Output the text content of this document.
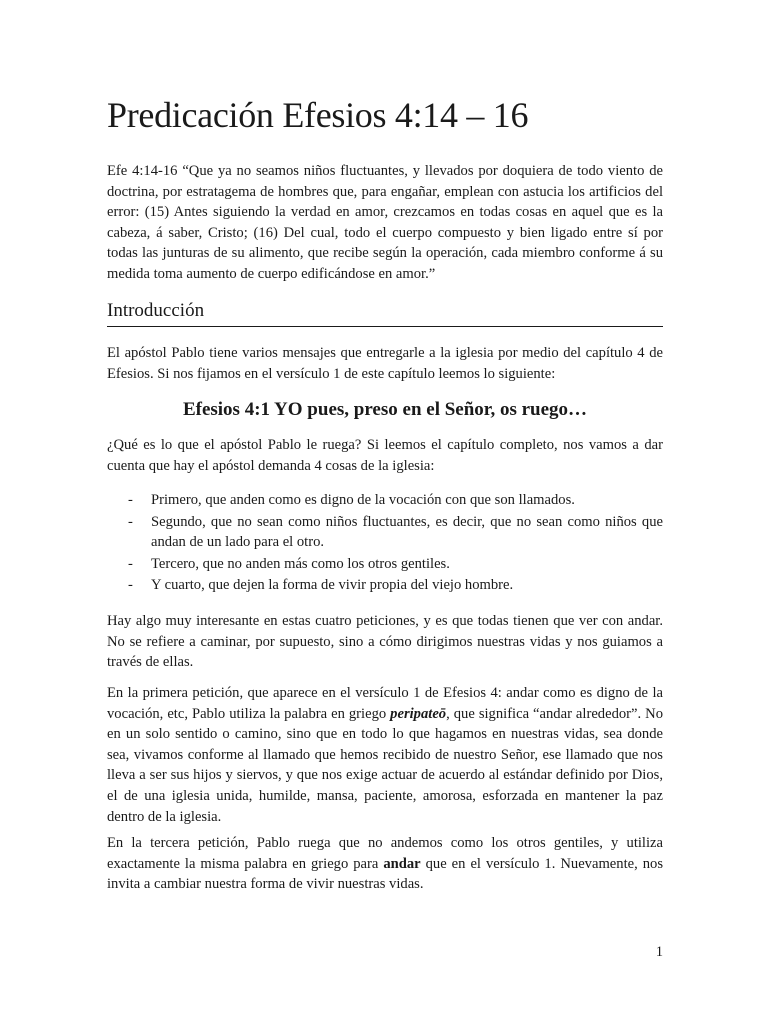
Predicación Efesios 4:14 – 16

Efe 4:14-16 “Que ya no seamos niños fluctuantes, y llevados por doquiera de todo viento de doctrina, por estratagema de hombres que, para engañar, emplean con astucia los artificios del error: (15) Antes siguiendo la verdad en amor, crezcamos en todas cosas en aquel que es la cabeza, á saber, Cristo; (16) Del cual, todo el cuerpo compuesto y bien ligado entre sí por todas las junturas de su alimento, que recibe según la operación, cada miembro conforme á su medida toma aumento de cuerpo edificándose en amor.”

Introducción

El apóstol Pablo tiene varios mensajes que entregarle a la iglesia por medio del capítulo 4 de Efesios. Si nos fijamos en el versículo 1 de este capítulo leemos lo siguiente:

Efesios 4:1 YO pues, preso en el Señor, os ruego…

¿Qué es lo que el apóstol Pablo le ruega? Si leemos el capítulo completo, nos vamos a dar cuenta que hay el apóstol demanda 4 cosas de la iglesia:

- Primero, que anden como es digno de la vocación con que son llamados.
- Segundo, que no sean como niños fluctuantes, es decir, que no sean como niños que andan de un lado para el otro.
- Tercero, que no anden más como los otros gentiles.
- Y cuarto, que dejen la forma de vivir propia del viejo hombre.

Hay algo muy interesante en estas cuatro peticiones, y es que todas tienen que ver con andar. No se refiere a caminar, por supuesto, sino a cómo dirigimos nuestras vidas y nos guiamos a través de ellas.

En la primera petición, que aparece en el versículo 1 de Efesios 4: andar como es digno de la vocación, etc, Pablo utiliza la palabra en griego peripateō, que significa “andar alrededor”. No en un solo sentido o camino, sino que en todo lo que hagamos en nuestras vidas, sea donde sea, vivamos conforme al llamado que hemos recibido de nuestro Señor, ese llamado que nos lleva a ser sus hijos y siervos, y que nos exige actuar de acuerdo al estándar definido por Dios, el de una iglesia unida, humilde, mansa, paciente, amorosa, esforzada en mantener la paz dentro de la iglesia.

En la tercera petición, Pablo ruega que no andemos como los otros gentiles, y utiliza exactamente la misma palabra en griego para andar que en el versículo 1. Nuevamente, nos invita a cambiar nuestra forma de vivir nuestras vidas.

1
